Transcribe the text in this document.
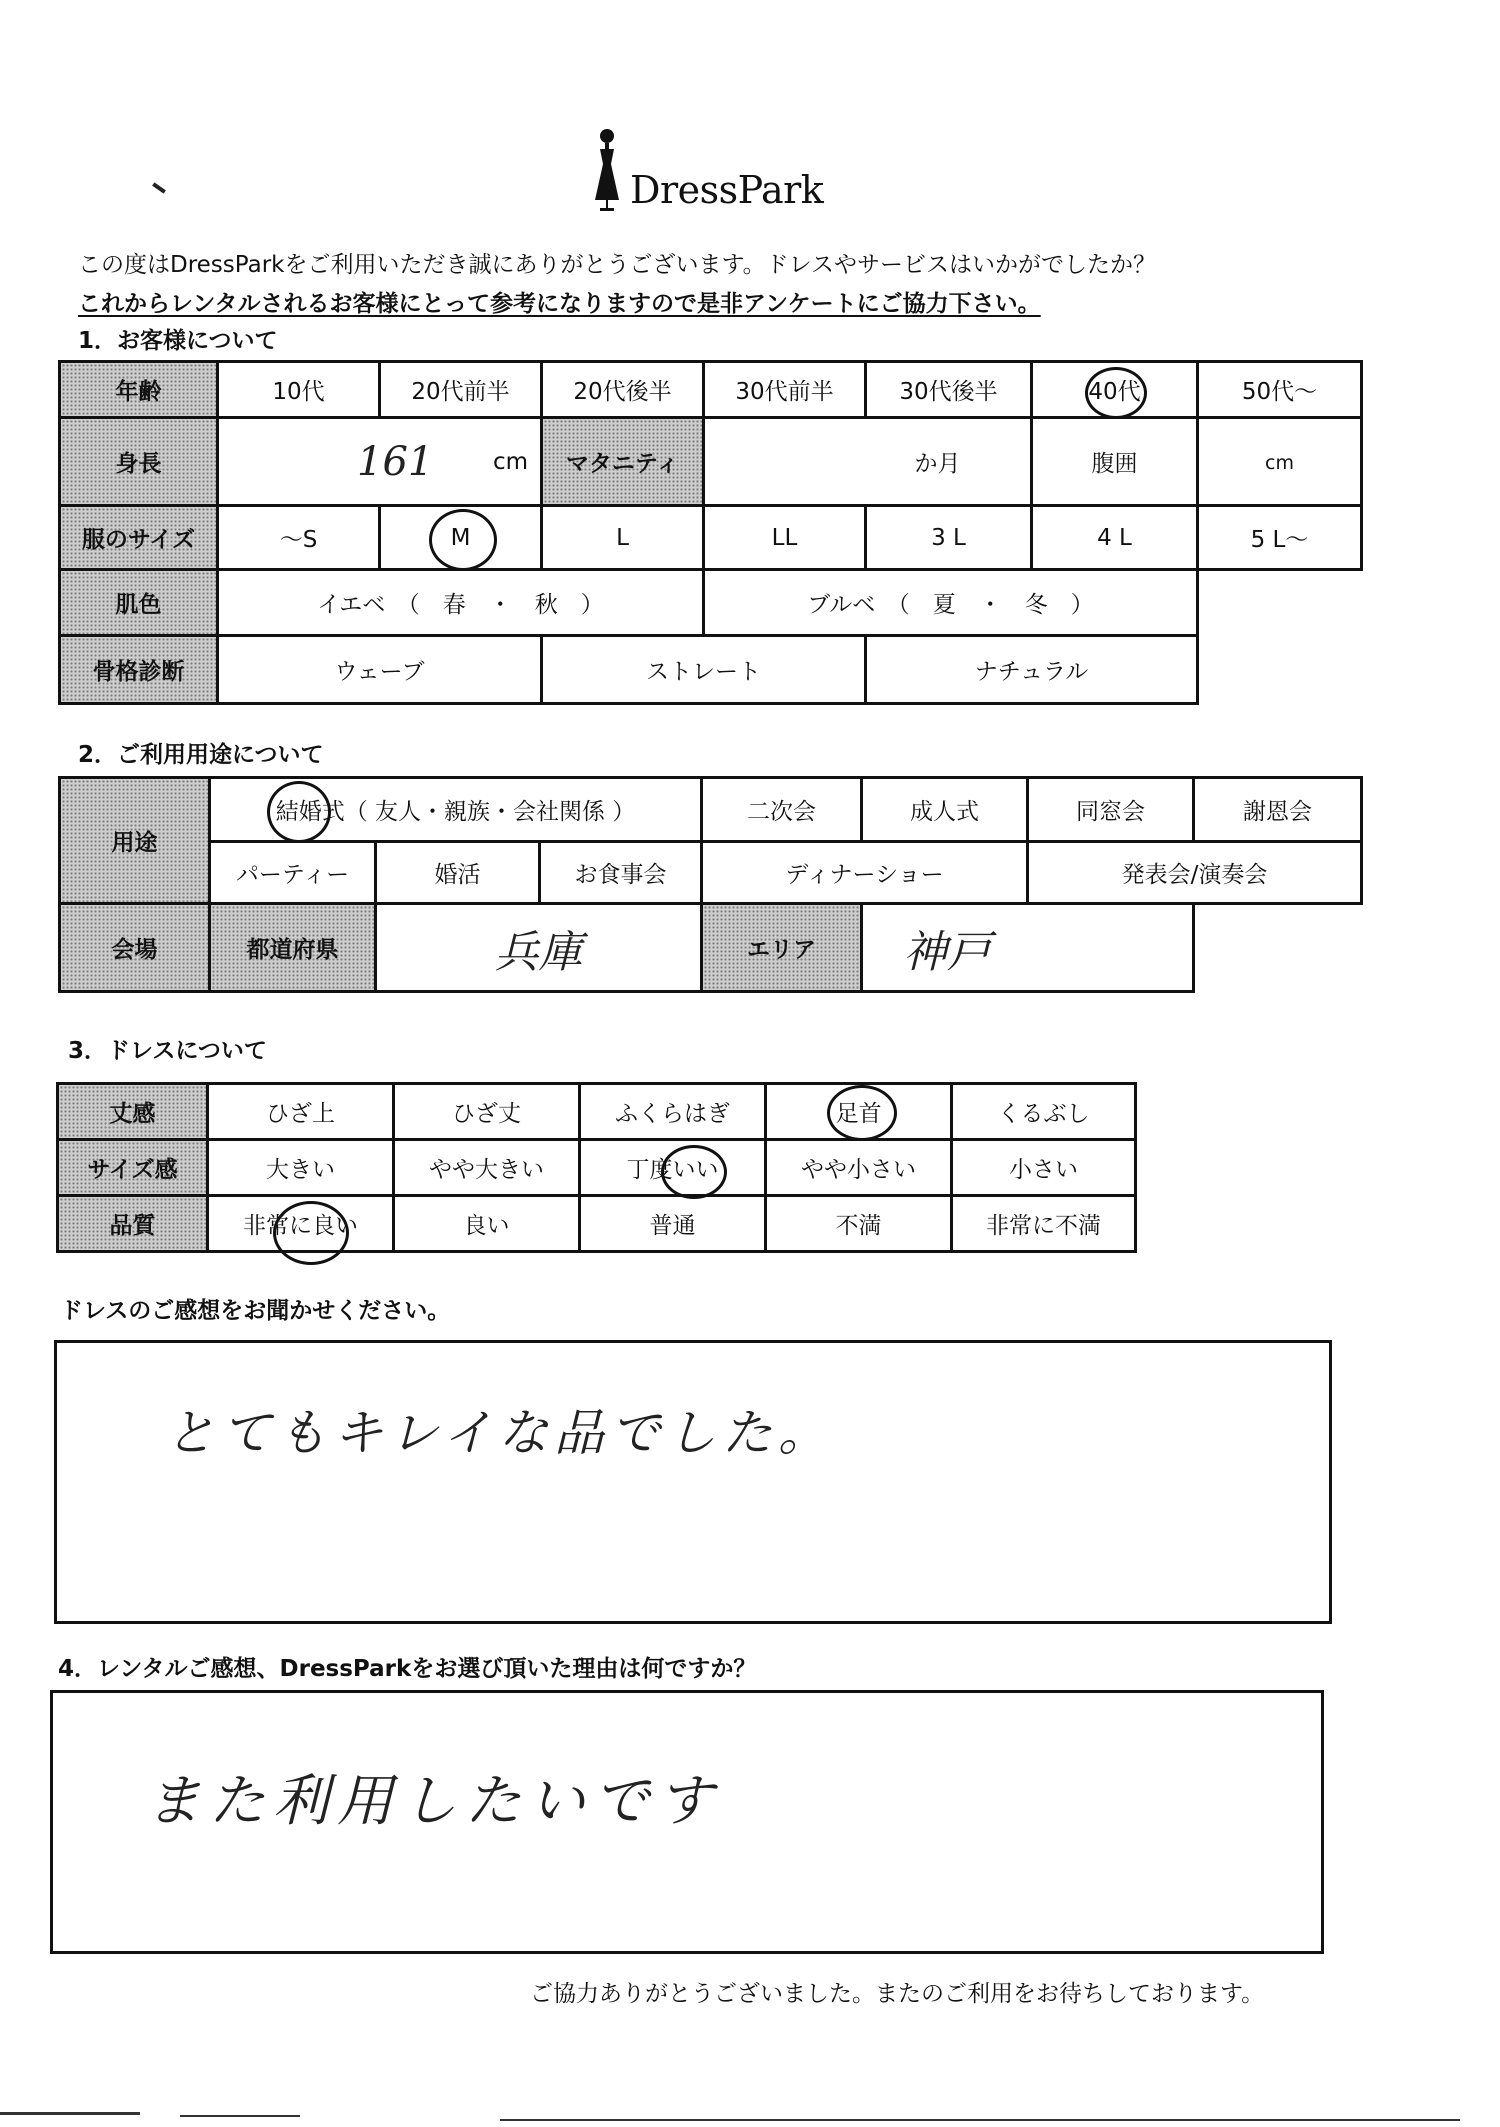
DressPark
この度はDressParkをご利用いただき誠にありがとうございます。ドレスやサービスはいかがでしたか？
これからレンタルされるお客様にとって参考になりますので是非アンケートにご協力下さい。
1．お客様について
年齢	10代	20代前半	20代後半	30代前半	30代後半	40代	50代～
身長	161 cm		マタニティ	か月		腹囲	cm
服のサイズ	～S	M	L	LL	3 L	4 L	5 L～
肌色	イエベ　（　春　・　秋　）			ブルベ　（　夏　・　冬　）			
骨格診断	ウェーブ		ストレート		ナチュラル		
2．ご利用用途について
用途	結婚式（ 友人・親族・会社関係 ）			二次会	成人式	同窓会	謝恩会
	パーティー	婚活	お食事会	ディナーショー		発表会/演奏会	
会場	都道府県	兵庫		エリア	神戸		
3．ドレスについて
丈感	ひざ上	ひざ丈	ふくらはぎ	足首	くるぶし
サイズ感	大きい	やや大きい	丁度いい	やや小さい	小さい
品質	非常に良い	良い	普通	不満	非常に不満
ドレスのご感想をお聞かせください。
とてもキレイな品でした。
4．レンタルご感想、DressParkをお選び頂いた理由は何ですか？
また利用したいです
ご協力ありがとうございました。またのご利用をお待ちしております。
